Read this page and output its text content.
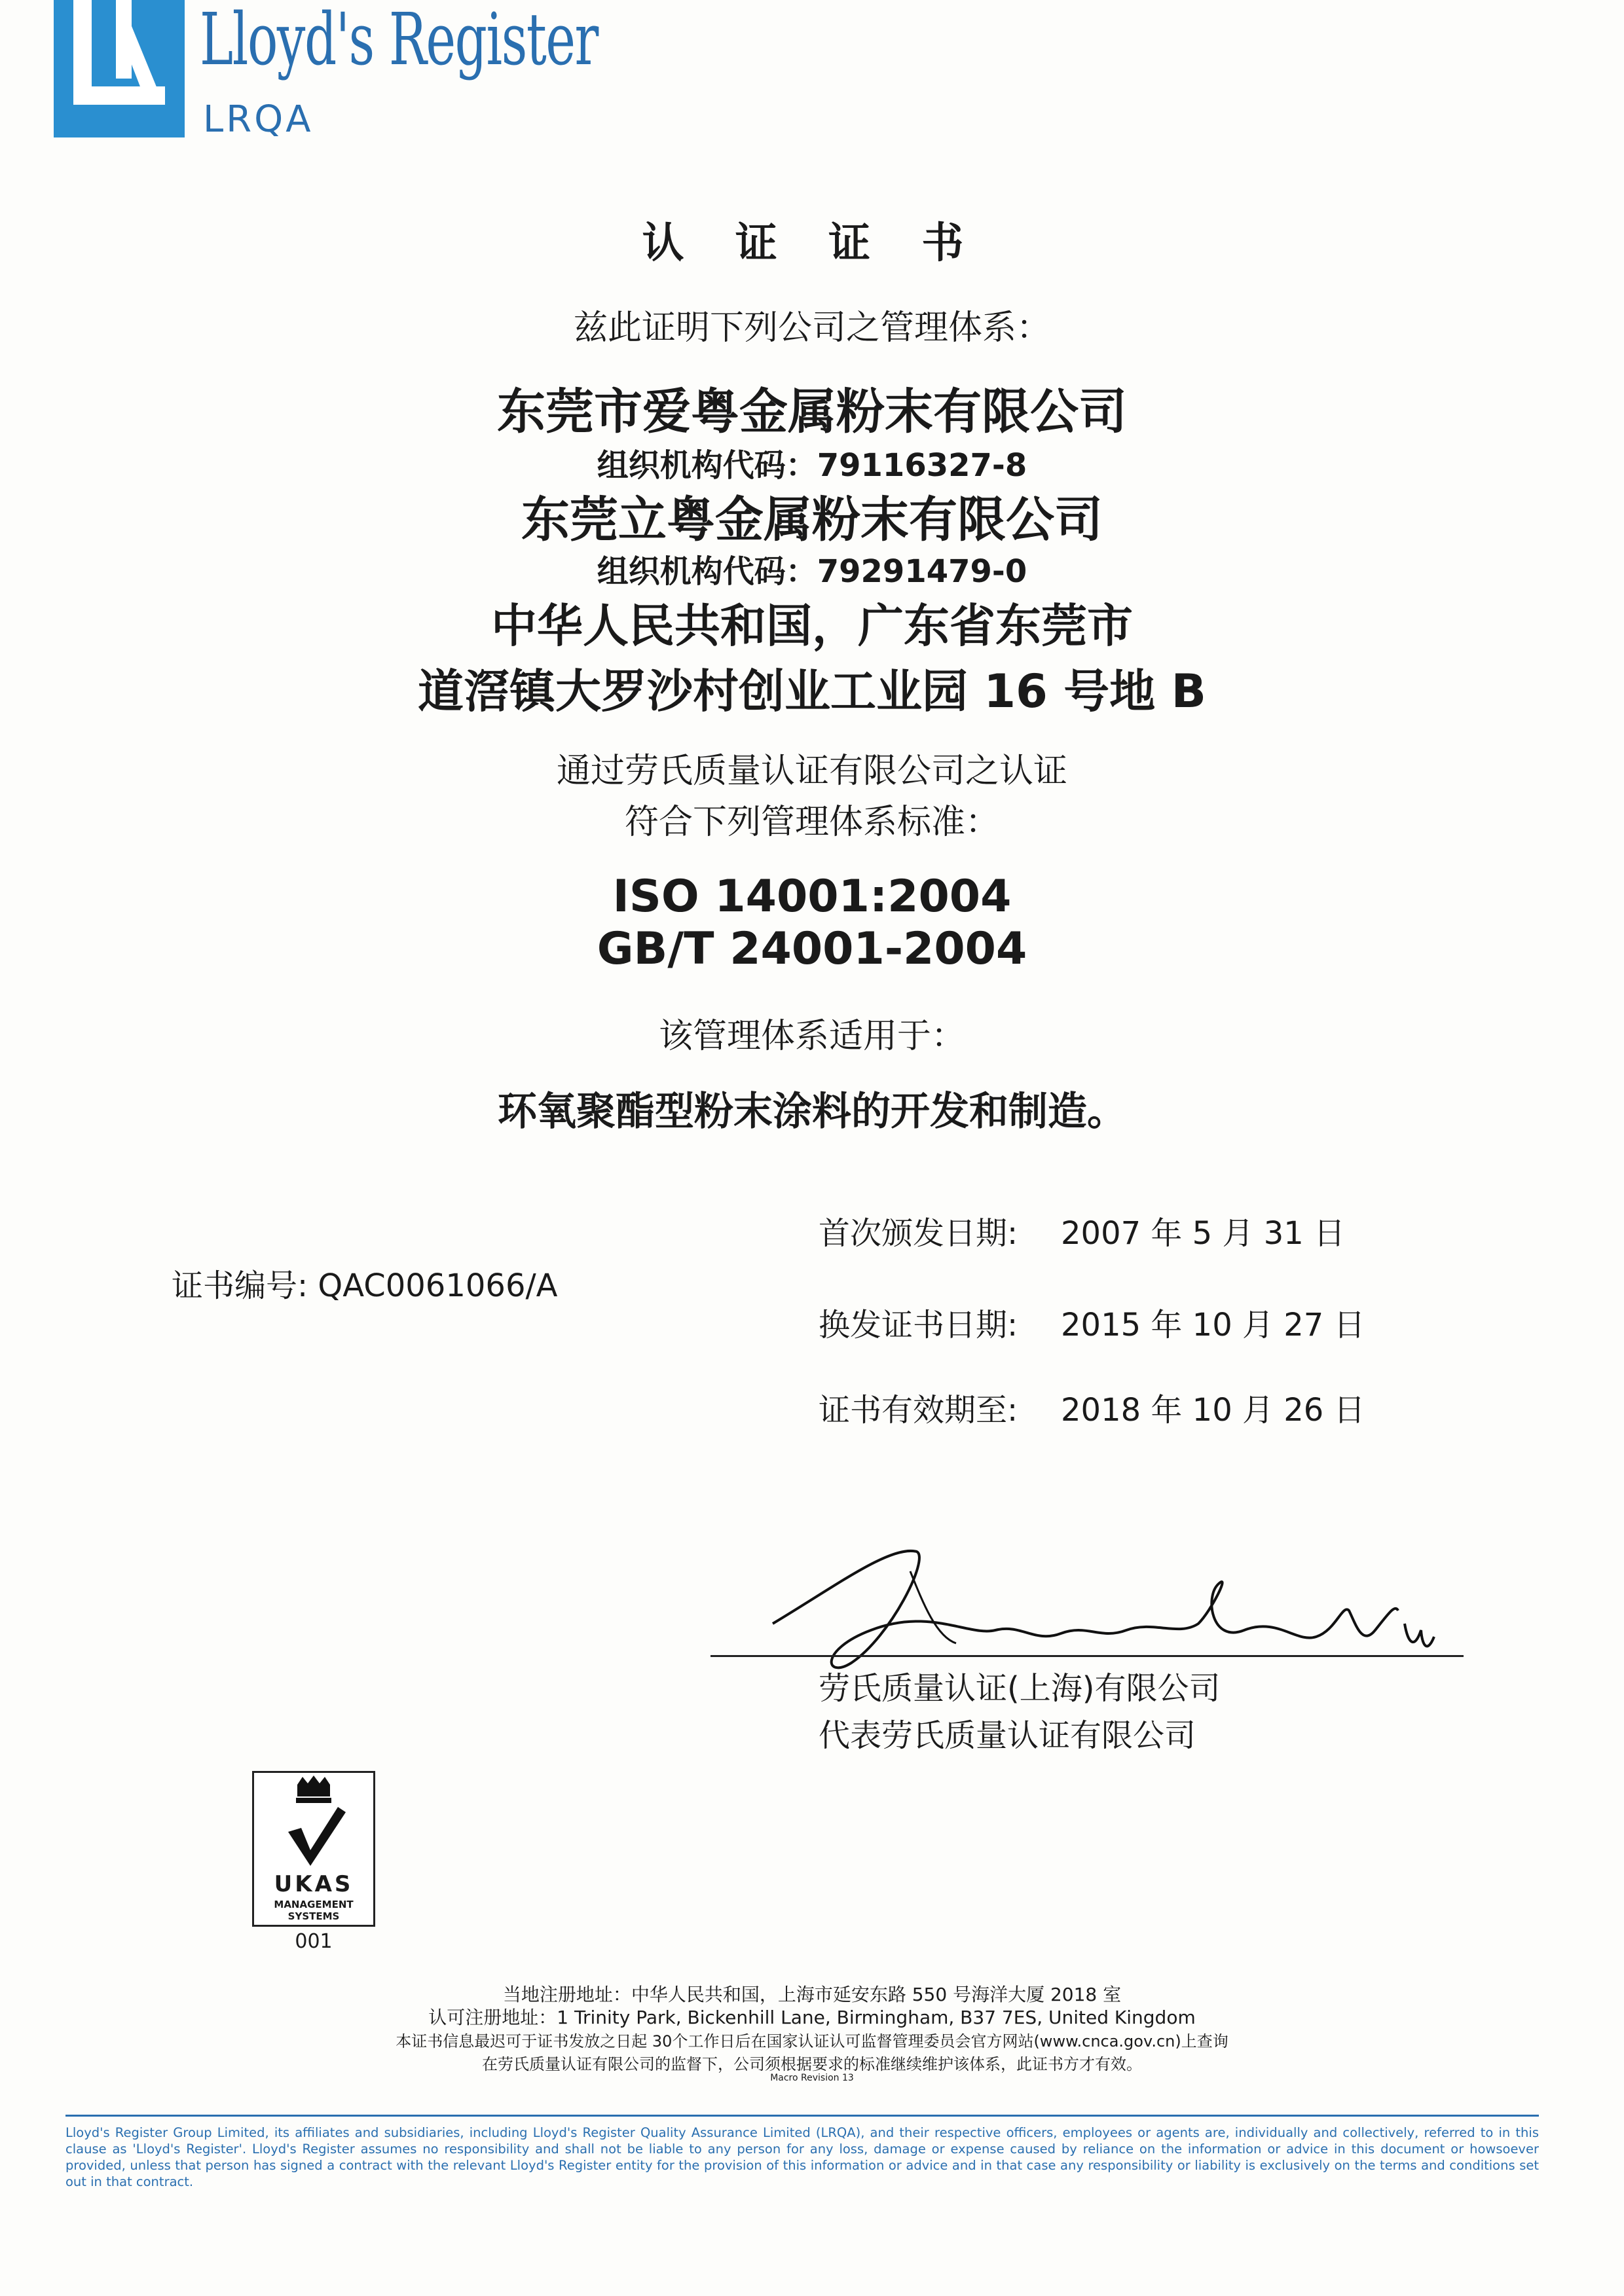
Lloyd's Register
LRQA
认 证 证 书
兹此证明下列公司之管理体系：
东莞市爱粤金属粉末有限公司
组织机构代码：79116327-8
东莞立粤金属粉末有限公司
组织机构代码：79291479-0
中华人民共和国，广东省东莞市
道滘镇大罗沙村创业工业园 16 号地 B
通过劳氏质量认证有限公司之认证
符合下列管理体系标准：
ISO 14001:2004
GB/T 24001-2004
该管理体系适用于：
环氧聚酯型粉末涂料的开发和制造。
证书编号: QAC0061066/A
首次颁发日期: 2007 年 5 月 31 日
换发证书日期: 2015 年 10 月 27 日
证书有效期至: 2018 年 10 月 26 日
劳氏质量认证(上海)有限公司
代表劳氏质量认证有限公司
UKAS
MANAGEMENT
SYSTEMS
001
当地注册地址：中华人民共和国，上海市延安东路 550 号海洋大厦 2018 室
认可注册地址：1 Trinity Park, Bickenhill Lane, Birmingham, B37 7ES, United Kingdom
本证书信息最迟可于证书发放之日起 30个工作日后在国家认证认可监督管理委员会官方网站(www.cnca.gov.cn)上查询
在劳氏质量认证有限公司的监督下，公司须根据要求的标准继续维护该体系，此证书方才有效。
Macro Revision 13
Lloyd's Register Group Limited, its affiliates and subsidiaries, including Lloyd's Register Quality Assurance Limited (LRQA), and their respective officers, employees or agents are, individually and collectively, referred to in this clause as 'Lloyd's Register'. Lloyd's Register assumes no responsibility and shall not be liable to any person for any loss, damage or expense caused by reliance on the information or advice in this document or howsoever provided, unless that person has signed a contract with the relevant Lloyd's Register entity for the provision of this information or advice and in that case any responsibility or liability is exclusively on the terms and conditions set out in that contract.
